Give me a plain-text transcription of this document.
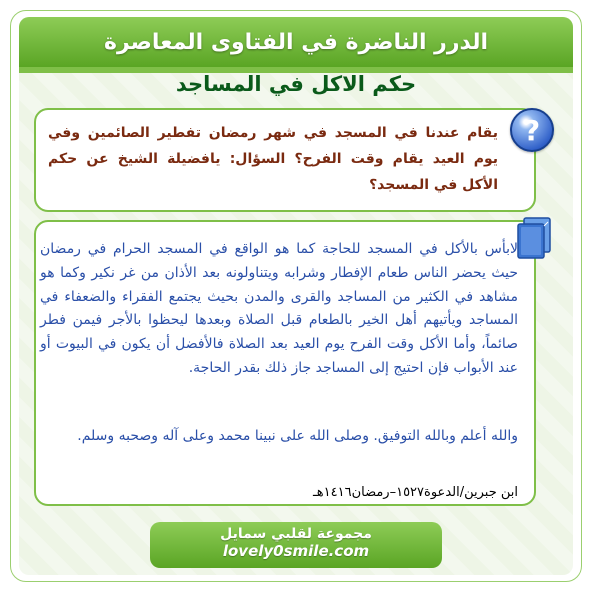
الدرر الناضرة في الفتاوى المعاصرة
حكم الاكل في المساجد
?
يقام عندنا في المسجد في شهر رمضان تفطير الصائمين وفي يوم العيد يقام وقت الفرح؟ السؤال: يافضيلة الشيخ عن حكم الأكل في المسجد؟
لابأس بالأكل في المسجد للحاجة كما هو الواقع في المسجد الحرام في رمضان حيث يحضر الناس طعام الإفطار وشرابه ويتناولونه بعد الأذان من غر نكير وكما هو مشاهد في الكثير من المساجد والقرى والمدن بحيث يجتمع الفقراء والضعفاء في المساجد ويأتيهم أهل الخير بالطعام قبل الصلاة وبعدها ليحظوا بالأجر فيمن فطر صائماً، وأما الأكل وقت الفرح يوم العيد بعد الصلاة فالأفضل أن يكون في البيوت أو عند الأبواب فإن احتيج إلى المساجد جاز ذلك بقدر الحاجة.
والله أعلم وبالله التوفيق. وصلى الله على نبينا محمد وعلى آله وصحبه وسلم.
ابن جبرين/الدعوة١٥٢٧–رمضان١٤١٦هـ
مجموعة لقلبي سمايل
lovely0smile.com
